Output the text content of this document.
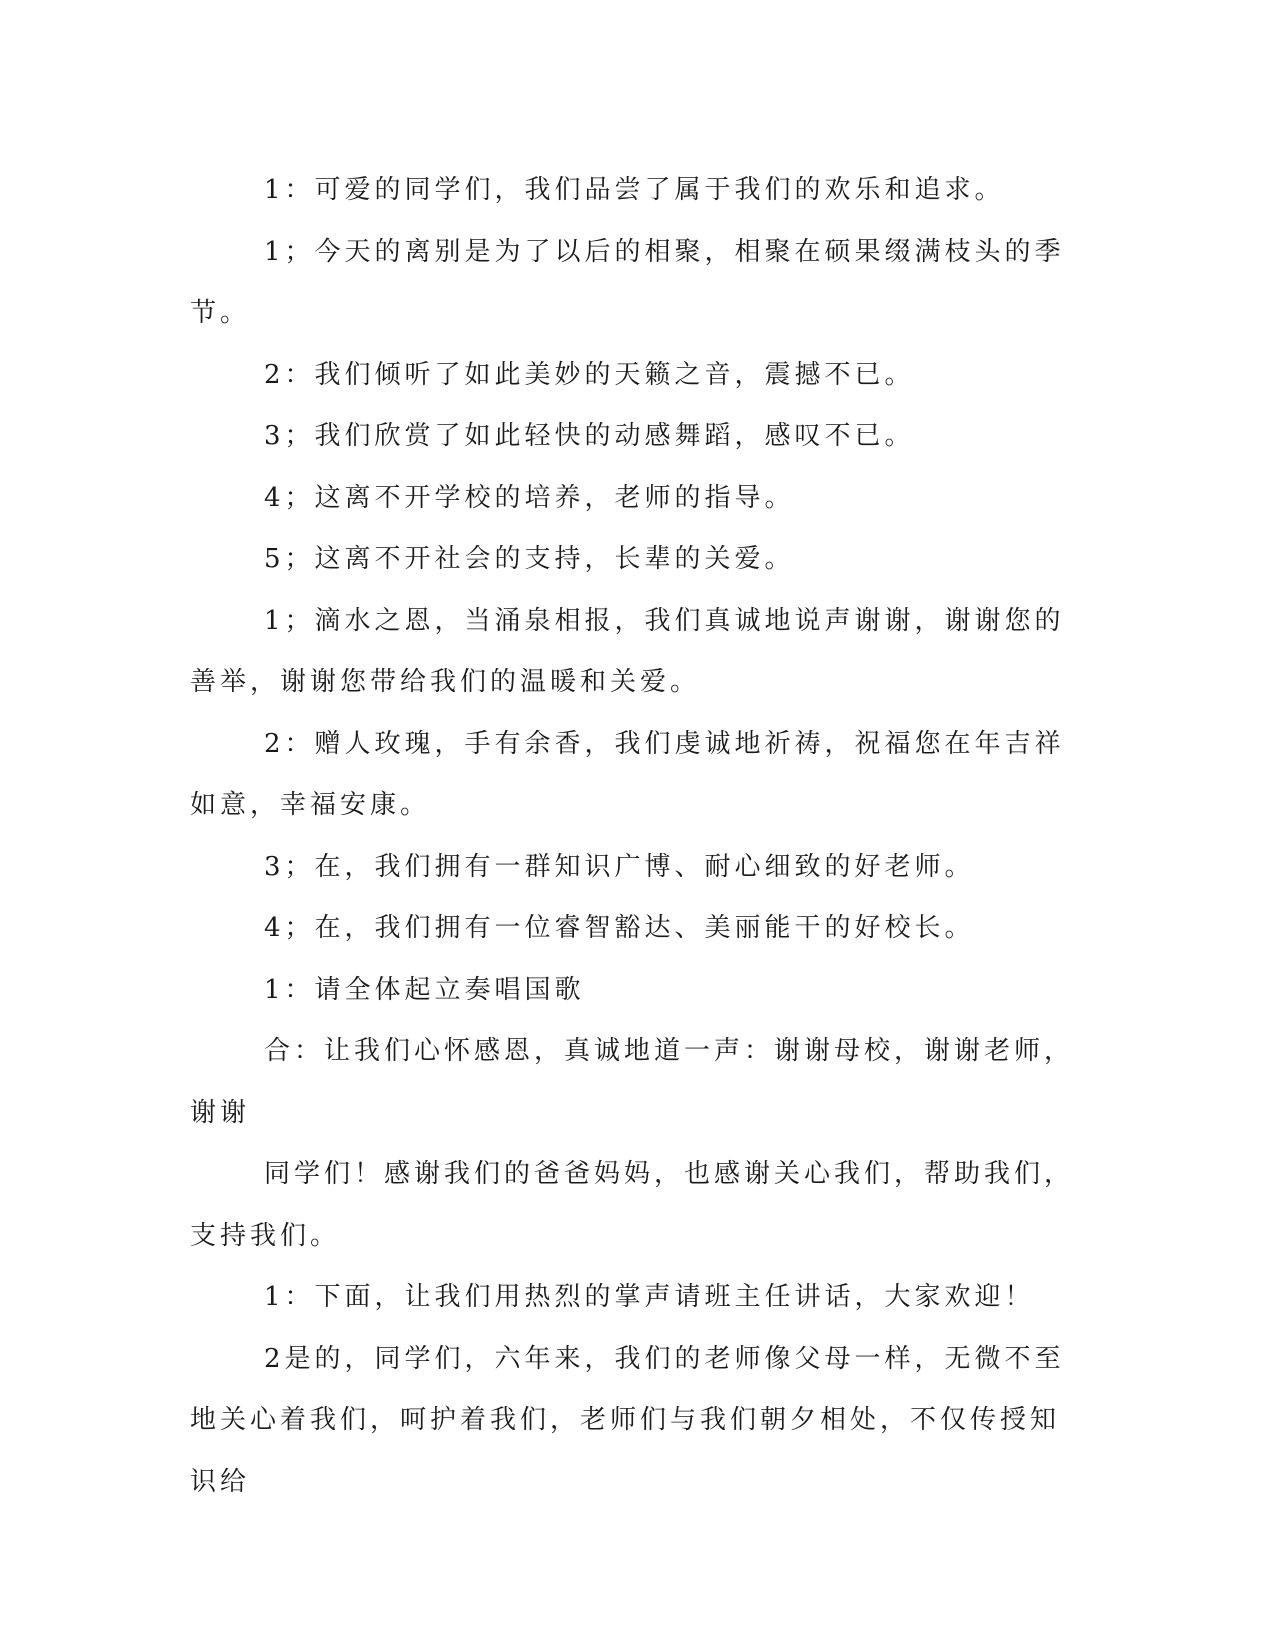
1：可爱的同学们，我们品尝了属于我们的欢乐和追求。

1；今天的离别是为了以后的相聚，相聚在硕果缀满枝头的季节。

2：我们倾听了如此美妙的天籁之音，震撼不已。

3；我们欣赏了如此轻快的动感舞蹈，感叹不已。

4；这离不开学校的培养，老师的指导。

5；这离不开社会的支持，长辈的关爱。

1；滴水之恩，当涌泉相报，我们真诚地说声谢谢，谢谢您的善举，谢谢您带给我们的温暖和关爱。

2：赠人玫瑰，手有余香，我们虔诚地祈祷，祝福您在年吉祥如意，幸福安康。

3；在，我们拥有一群知识广博、耐心细致的好老师。

4；在，我们拥有一位睿智豁达、美丽能干的好校长。

1：请全体起立奏唱国歌

合：让我们心怀感恩，真诚地道一声：谢谢母校，谢谢老师，谢谢

同学们！感谢我们的爸爸妈妈，也感谢关心我们，帮助我们，支持我们。

1：下面，让我们用热烈的掌声请班主任讲话，大家欢迎！

2是的，同学们，六年来，我们的老师像父母一样，无微不至地关心着我们，呵护着我们，老师们与我们朝夕相处，不仅传授知识给
